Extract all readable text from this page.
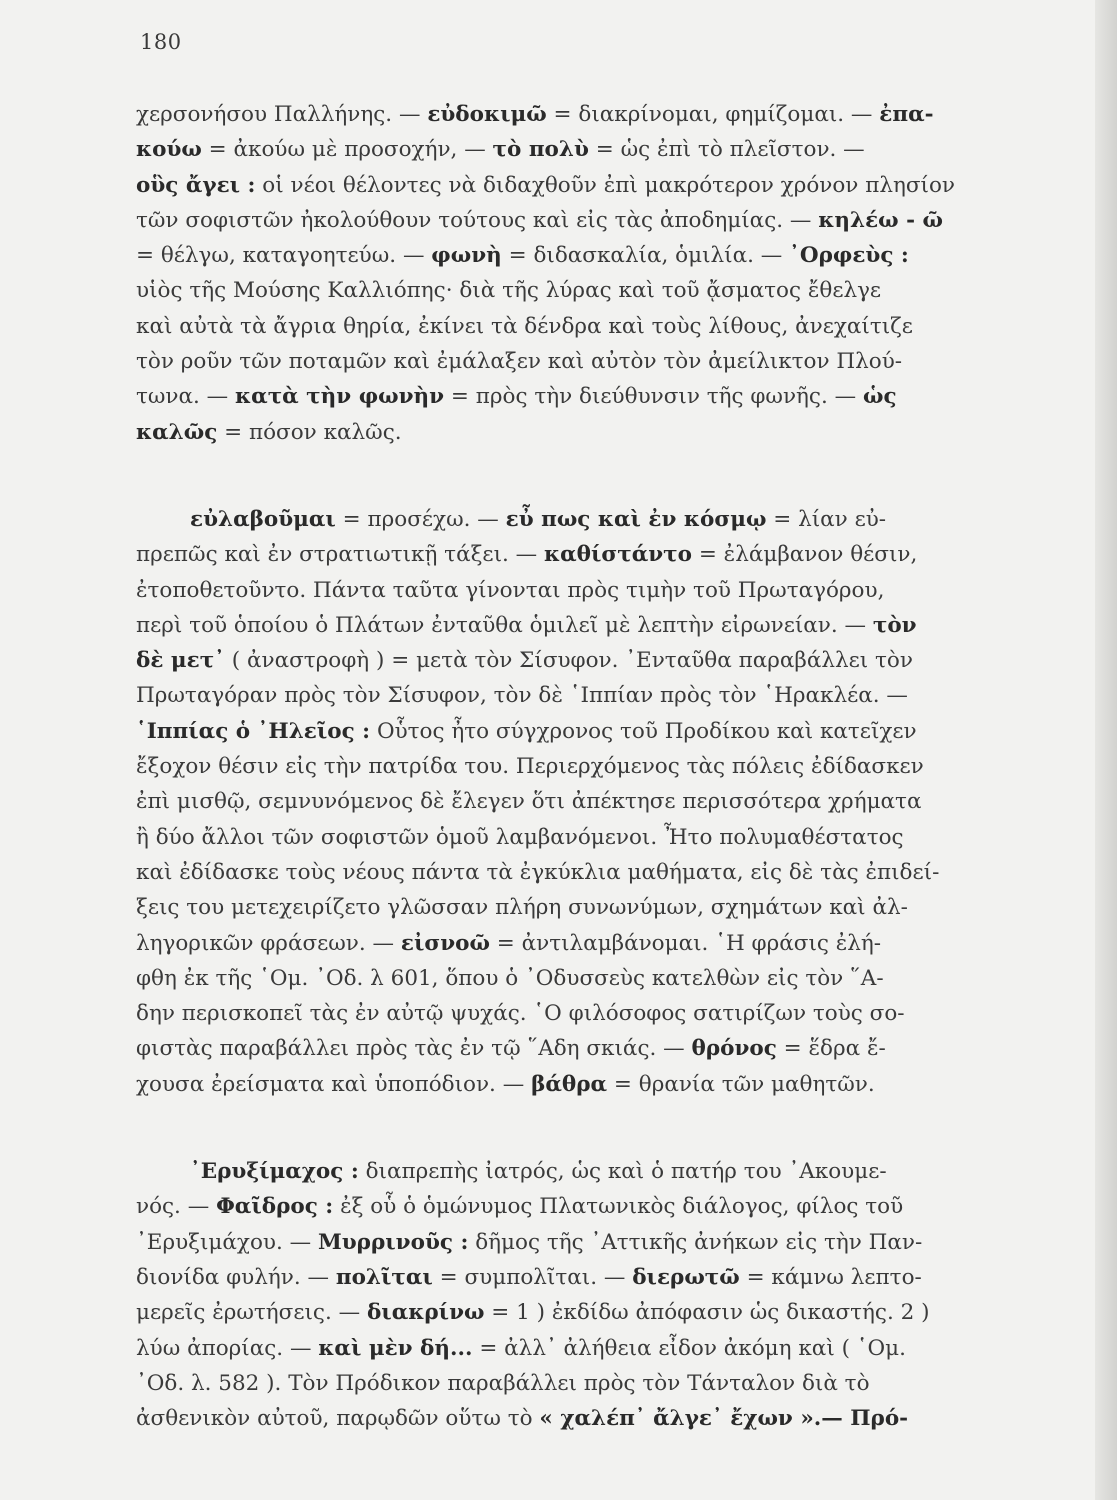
180
χερσονήσου Παλλήνης. — εὐδοκιμῶ = διακρίνομαι, φημίζομαι. — ἐπα-
κούω = ἀκούω μὲ προσοχήν, — τὸ πολὺ = ὡς ἐπὶ τὸ πλεῖστον. —
οὓς ἄγει : οἱ νέοι θέλοντες νὰ διδαχθοῦν ἐπὶ μακρότερον χρόνον πλησίον
τῶν σοφιστῶν ἠκολούθουν τούτους καὶ εἰς τὰς ἀποδημίας. — κηλέω - ῶ
= θέλγω, καταγοητεύω. — φωνὴ = διδασκαλία, ὁμιλία. — ᾿Ορφεὺς :
υἱὸς τῆς Μούσης Καλλιόπης· διὰ τῆς λύρας καὶ τοῦ ᾄσματος ἔθελγε
καὶ αὐτὰ τὰ ἄγρια θηρία, ἐκίνει τὰ δένδρα καὶ τοὺς λίθους, ἀνεχαίτιζε
τὸν ροῦν τῶν ποταμῶν καὶ ἐμάλαξεν καὶ αὐτὸν τὸν ἀμείλικτον Πλού-
τωνα. — κατὰ τὴν φωνὴν = πρὸς τὴν διεύθυνσιν τῆς φωνῆς. — ὡς
καλῶς = πόσον καλῶς.
εὐλαβοῦμαι = προσέχω. — εὖ πως καὶ ἐν κόσμῳ = λίαν εὐ-
πρεπῶς καὶ ἐν στρατιωτικῇ τάξει. — καθίστάντο = ἐλάμβανον θέσιν,
ἐτοποθετοῦντο. Πάντα ταῦτα γίνονται πρὸς τιμὴν τοῦ Πρωταγόρου,
περὶ τοῦ ὁποίου ὁ Πλάτων ἐνταῦθα ὁμιλεῖ μὲ λεπτὴν εἰρωνείαν. — τὸν
δὲ μετ᾿ ( ἀναστροφὴ ) = μετὰ τὸν Σίσυφον. ᾿Ενταῦθα παραβάλλει τὸν
Πρωταγόραν πρὸς τὸν Σίσυφον, τὸν δὲ ῾Ιππίαν πρὸς τὸν ῾Ηρακλέα. —
῾Ιππίας ὁ ᾿Ηλεῖος : Οὗτος ἦτο σύγχρονος τοῦ Προδίκου καὶ κατεῖχεν
ἔξοχον θέσιν εἰς τὴν πατρίδα του. Περιερχόμενος τὰς πόλεις ἐδίδασκεν
ἐπὶ μισθῷ, σεμνυνόμενος δὲ ἔλεγεν ὅτι ἀπέκτησε περισσότερα χρήματα
ἢ δύο ἄλλοι τῶν σοφιστῶν ὁμοῦ λαμβανόμενοι. Ἦτο πολυμαθέστατος
καὶ ἐδίδασκε τοὺς νέους πάντα τὰ ἐγκύκλια μαθήματα, εἰς δὲ τὰς ἐπιδεί-
ξεις του μετεχειρίζετο γλῶσσαν πλήρη συνωνύμων, σχημάτων καὶ ἀλ-
ληγορικῶν φράσεων. — εἰσνοῶ = ἀντιλαμβάνομαι. ῾Η φράσις ἐλή-
φθη ἐκ τῆς ῾Ομ. ᾿Οδ. λ 601, ὅπου ὁ ᾿Οδυσσεὺς κατελθὼν εἰς τὸν ῞Α-
δην περισκοπεῖ τὰς ἐν αὐτῷ ψυχάς. ῾Ο φιλόσοφος σατιρίζων τοὺς σο-
φιστὰς παραβάλλει πρὸς τὰς ἐν τῷ ῞Αδη σκιάς. — θρόνος = ἕδρα ἔ-
χουσα ἐρείσματα καὶ ὑποπόδιον. — βάθρα = θρανία τῶν μαθητῶν.
᾿Ερυξίμαχος : διαπρεπὴς ἰατρός, ὡς καὶ ὁ πατήρ του ᾿Ακουμε-
νός. — Φαῖδρος : ἐξ οὗ ὁ ὁμώνυμος Πλατωνικὸς διάλογος, φίλος τοῦ
᾿Ερυξιμάχου. — Μυρρινοῦς : δῆμος τῆς ᾿Αττικῆς ἀνήκων εἰς τὴν Παν-
διονίδα φυλήν. — πολῖται = συμπολῖται. — διερωτῶ = κάμνω λεπτο-
μερεῖς ἐρωτήσεις. — διακρίνω = 1 ) ἐκδίδω ἀπόφασιν ὡς δικαστής. 2 )
λύω ἀπορίας. — καὶ μὲν δή... = ἀλλ᾿ ἀλήθεια εἶδον ἀκόμη καὶ ( ῾Ομ.
᾿Οδ. λ. 582 ). Τὸν Πρόδικον παραβάλλει πρὸς τὸν Τάνταλον διὰ τὸ
ἀσθενικὸν αὐτοῦ, παρῳδῶν οὕτω τὸ « χαλέπ᾿ ἄλγε᾿ ἔχων ».— Πρό-
